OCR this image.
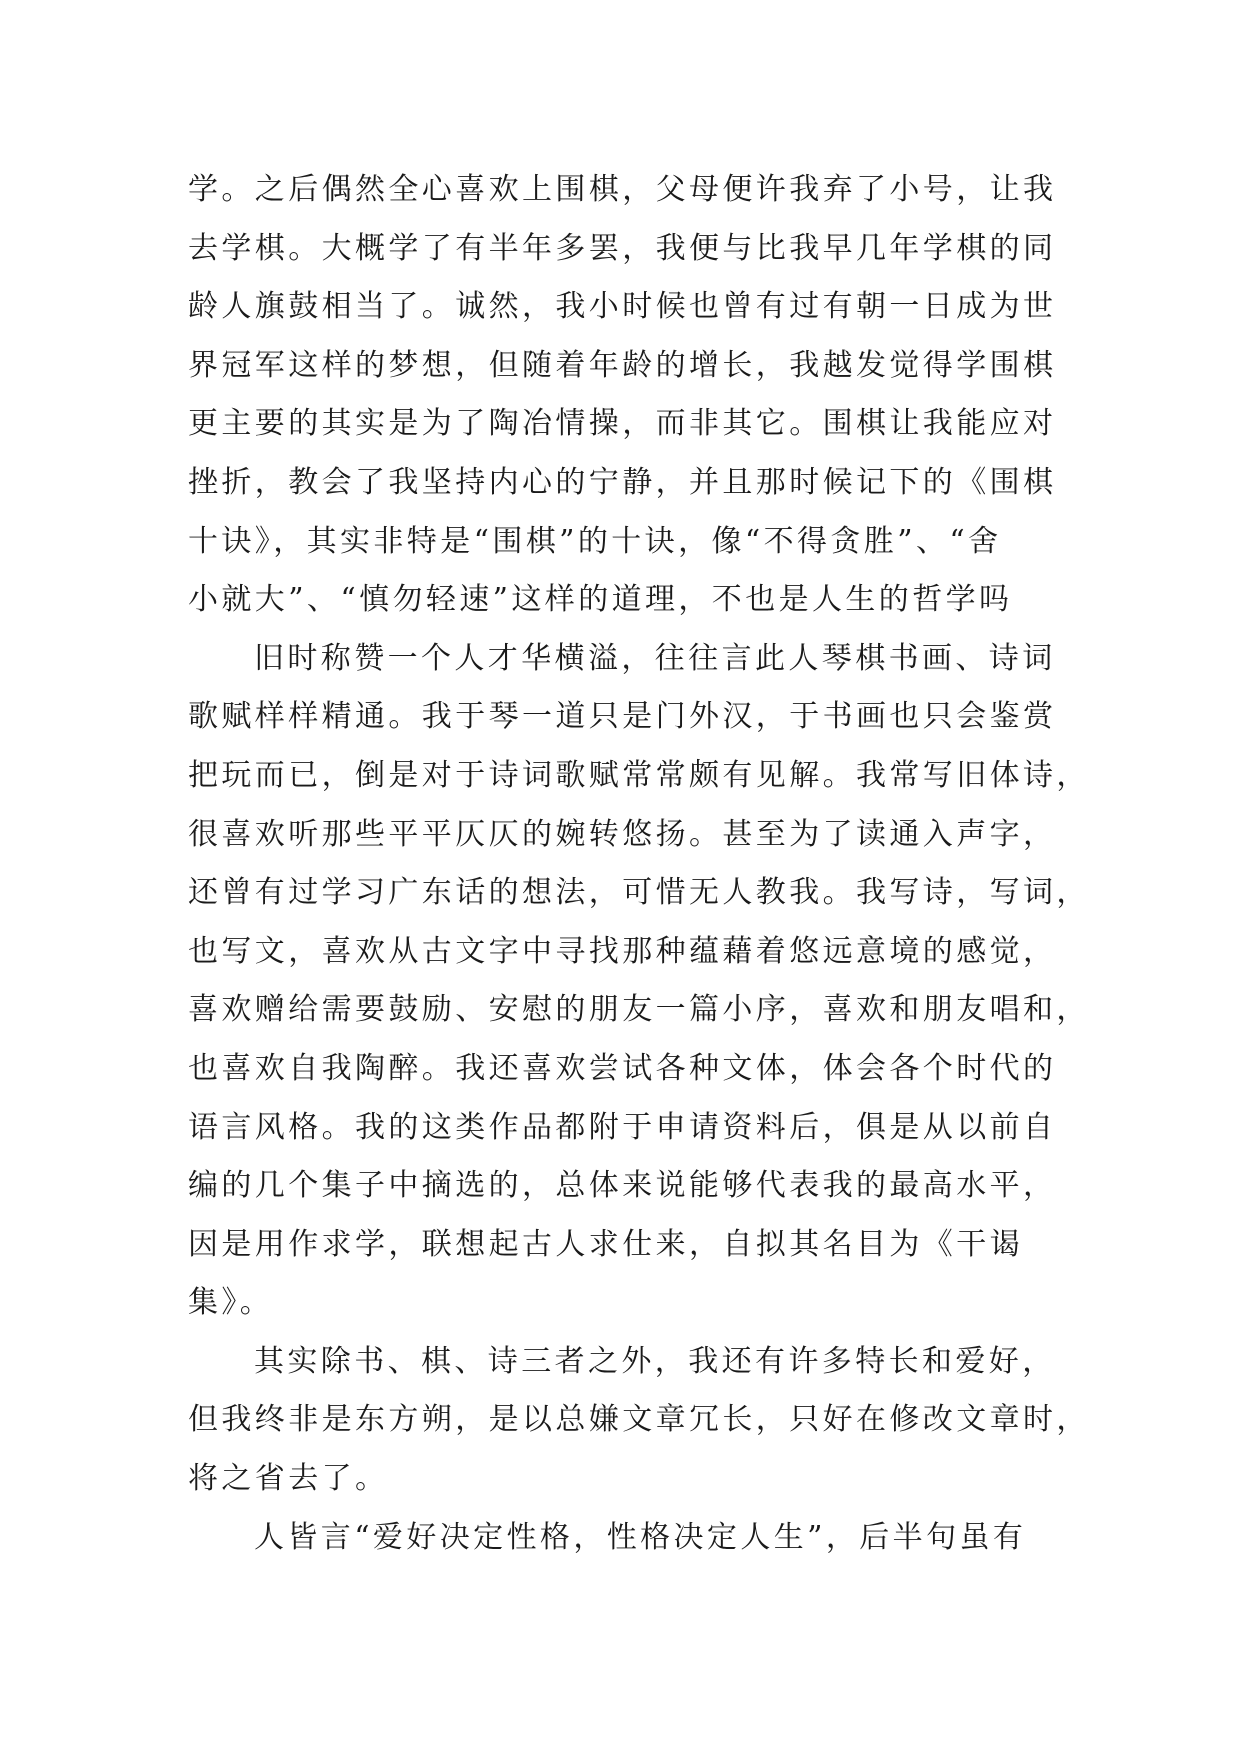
学。之后偶然全心喜欢上围棋，父母便许我弃了小号，让我
去学棋。大概学了有半年多罢，我便与比我早几年学棋的同
龄人旗鼓相当了。诚然，我小时候也曾有过有朝一日成为世
界冠军这样的梦想，但随着年龄的增长，我越发觉得学围棋
更主要的其实是为了陶冶情操，而非其它。围棋让我能应对
挫折，教会了我坚持内心的宁静，并且那时候记下的《围棋
十诀》，其实非特是“围棋”的十诀，像“不得贪胜”、“舍
小就大”、“慎勿轻速”这样的道理，不也是人生的哲学吗
旧时称赞一个人才华横溢，往往言此人琴棋书画、诗词
歌赋样样精通。我于琴一道只是门外汉，于书画也只会鉴赏
把玩而已，倒是对于诗词歌赋常常颇有见解。我常写旧体诗，
很喜欢听那些平平仄仄的婉转悠扬。甚至为了读通入声字，
还曾有过学习广东话的想法，可惜无人教我。我写诗，写词，
也写文，喜欢从古文字中寻找那种蕴藉着悠远意境的感觉，
喜欢赠给需要鼓励、安慰的朋友一篇小序，喜欢和朋友唱和，
也喜欢自我陶醉。我还喜欢尝试各种文体，体会各个时代的
语言风格。我的这类作品都附于申请资料后，俱是从以前自
编的几个集子中摘选的，总体来说能够代表我的最高水平，
因是用作求学，联想起古人求仕来，自拟其名目为《干谒
集》。
其实除书、棋、诗三者之外，我还有许多特长和爱好，
但我终非是东方朔，是以总嫌文章冗长，只好在修改文章时，
将之省去了。
人皆言“爱好决定性格，性格决定人生”，后半句虽有
